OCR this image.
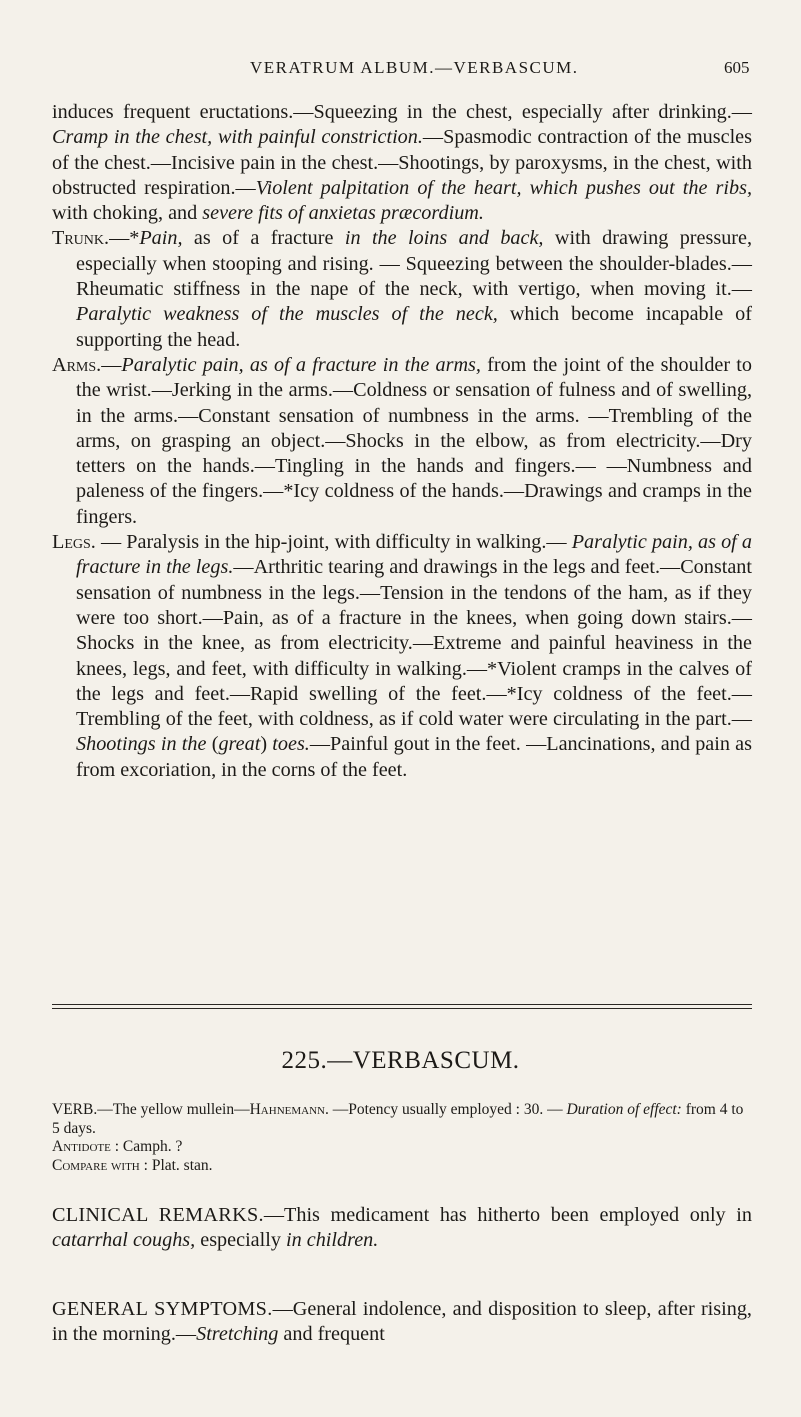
VERATRUM ALBUM.—VERBASCUM.	605

induces frequent eructations.—Squeezing in the chest, especially after drinking.—Cramp in the chest, with painful constriction.—Spasmodic contraction of the muscles of the chest.—Incisive pain in the chest.—Shootings, by paroxysms, in the chest, with obstructed respiration.—Violent palpitation of the heart, which pushes out the ribs, with choking, and severe fits of anxietas præcordium.

Trunk.—*Pain, as of a fracture in the loins and back, with drawing pressure, especially when stooping and rising. — Squeezing between the shoulder-blades.—Rheumatic stiffness in the nape of the neck, with vertigo, when moving it.—Paralytic weakness of the muscles of the neck, which become incapable of supporting the head.

Arms.—Paralytic pain, as of a fracture in the arms, from the joint of the shoulder to the wrist.—Jerking in the arms.—Coldness or sensation of fulness and of swelling, in the arms.—Constant sensation of numbness in the arms. —Trembling of the arms, on grasping an object.—Shocks in the elbow, as from electricity.—Dry tetters on the hands.—Tingling in the hands and fingers.— —Numbness and paleness of the fingers.—*Icy coldness of the hands.—Drawings and cramps in the fingers.

Legs. — Paralysis in the hip-joint, with difficulty in walking.— Paralytic pain, as of a fracture in the legs.—Arthritic tearing and drawings in the legs and feet.—Constant sensation of numbness in the legs.—Tension in the tendons of the ham, as if they were too short.—Pain, as of a fracture in the knees, when going down stairs.—Shocks in the knee, as from electricity.—Extreme and painful heaviness in the knees, legs, and feet, with difficulty in walking.—*Violent cramps in the calves of the legs and feet.—Rapid swelling of the feet.—*Icy coldness of the feet.—Trembling of the feet, with coldness, as if cold water were circulating in the part.—Shootings in the (great) toes.—Painful gout in the feet. —Lancinations, and pain as from excoriation, in the corns of the feet.

225.—VERBASCUM.
VERB.—The yellow mullein—Hahnemann. —Potency usually employed : 30. — Duration of effect: from 4 to 5 days.
Antidote : Camph. ?
Compare with : Plat. stan.

CLINICAL REMARKS.—This medicament has hitherto been employed only in catarrhal coughs, especially in children.

GENERAL SYMPTOMS.—General indolence, and disposition to sleep, after rising, in the morning.—Stretching and frequent
